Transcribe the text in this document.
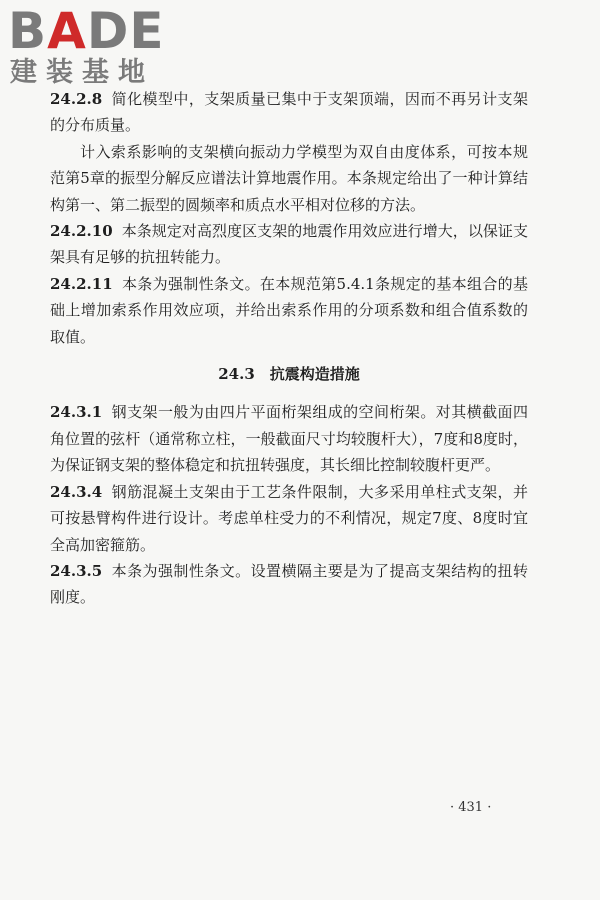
BADE
建装基地

24.2.8 简化模型中，支架质量已集中于支架顶端，因而不再另计支架的分布质量。

计入索系影响的支架横向振动力学模型为双自由度体系，可按本规范第5章的振型分解反应谱法计算地震作用。本条规定给出了一种计算结构第一、第二振型的圆频率和质点水平相对位移的方法。

24.2.10 本条规定对高烈度区支架的地震作用效应进行增大，以保证支架具有足够的抗扭转能力。

24.2.11 本条为强制性条文。在本规范第5.4.1条规定的基本组合的基础上增加索系作用效应项，并给出索系作用的分项系数和组合值系数的取值。

24.3　抗震构造措施

24.3.1 钢支架一般为由四片平面桁架组成的空间桁架。对其横截面四角位置的弦杆（通常称立柱，一般截面尺寸均较腹杆大），7度和8度时，为保证钢支架的整体稳定和抗扭转强度，其长细比控制较腹杆更严。

24.3.4 钢筋混凝土支架由于工艺条件限制，大多采用单柱式支架，并可按悬臂构件进行设计。考虑单柱受力的不利情况，规定7度、8度时宜全高加密箍筋。

24.3.5 本条为强制性条文。设置横隔主要是为了提高支架结构的扭转刚度。

· 431 ·
